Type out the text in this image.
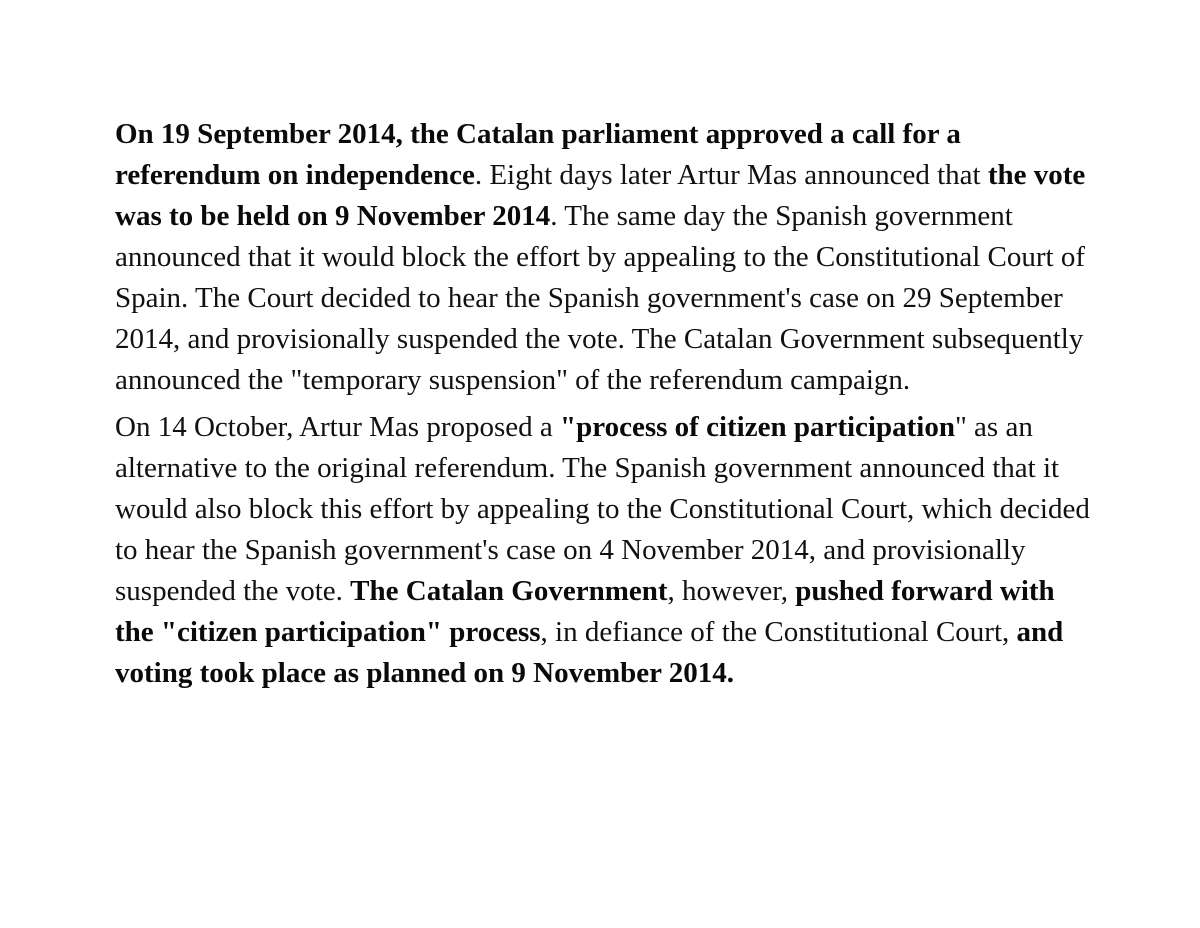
On 19 September 2014, the Catalan parliament approved a call for a referendum on independence. Eight days later Artur Mas announced that the vote was to be held on 9 November 2014. The same day the Spanish government announced that it would block the effort by appealing to the Constitutional Court of Spain. The Court decided to hear the Spanish government's case on 29 September 2014, and provisionally suspended the vote. The Catalan Government subsequently announced the "temporary suspension" of the referendum campaign.

On 14 October, Artur Mas proposed a "process of citizen participation" as an alternative to the original referendum. The Spanish government announced that it would also block this effort by appealing to the Constitutional Court, which decided to hear the Spanish government's case on 4 November 2014, and provisionally suspended the vote. The Catalan Government, however, pushed forward with the "citizen participation" process, in defiance of the Constitutional Court, and voting took place as planned on 9 November 2014.
